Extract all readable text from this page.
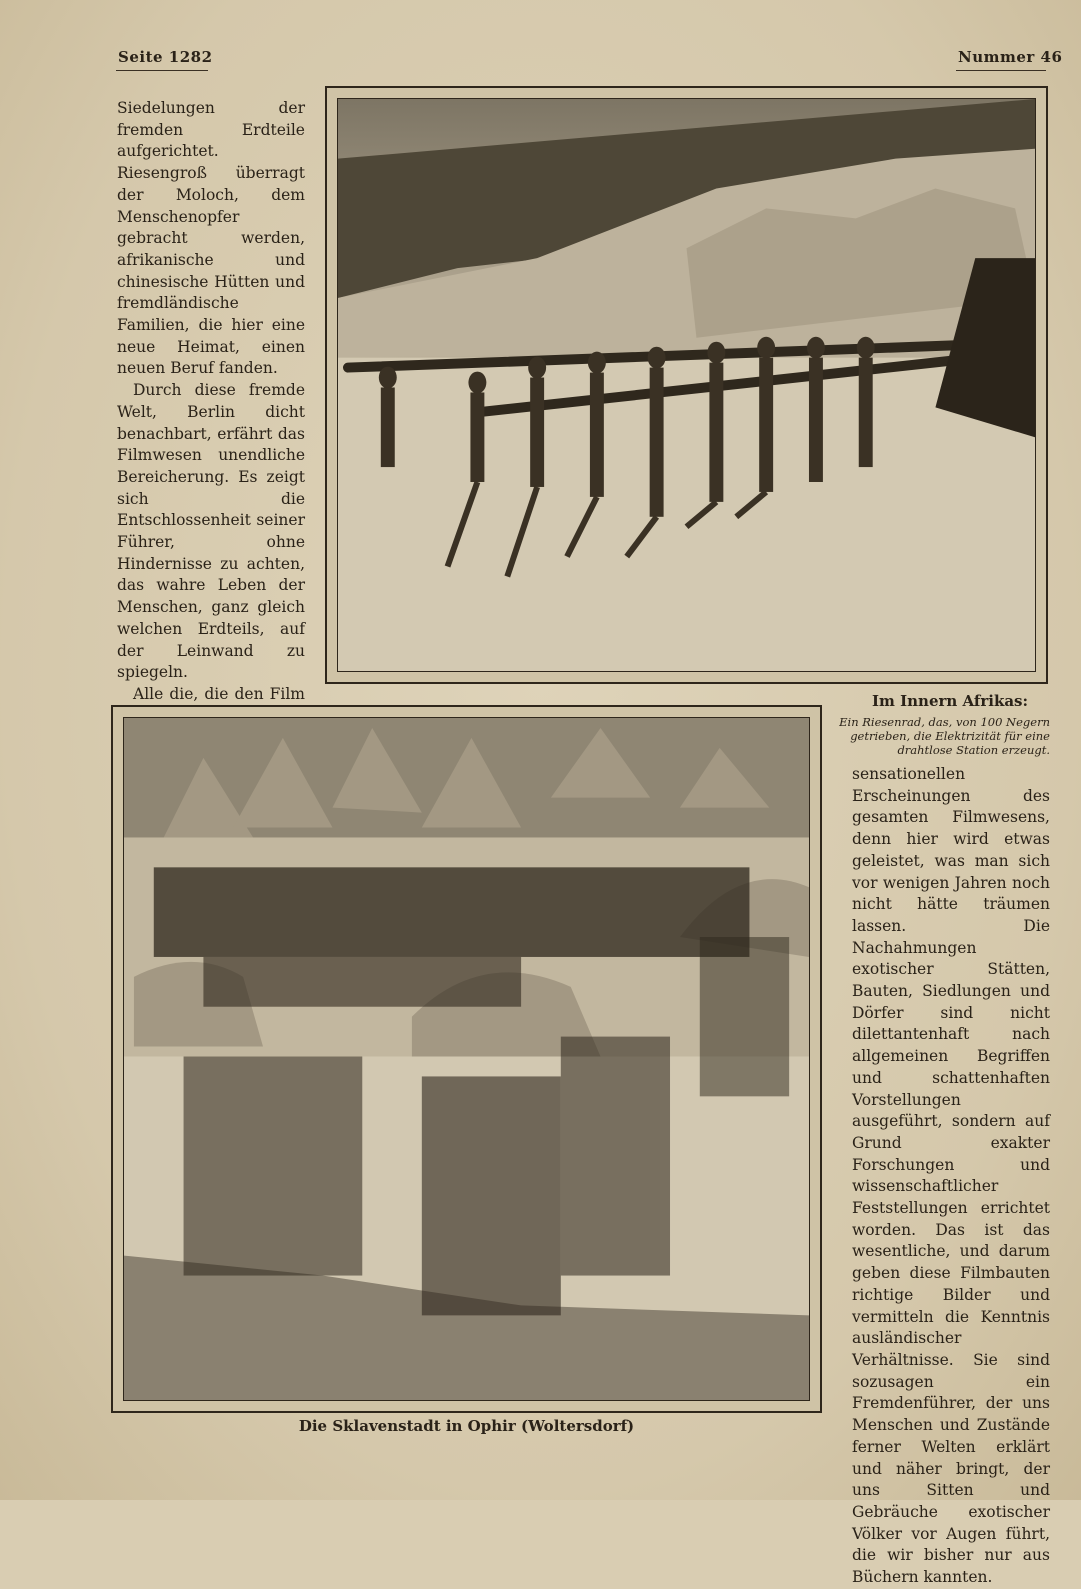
Seite 1282	Nummer 46

Siedelungen der fremden Erdteile aufgerichtet. Riesengroß überragt der Moloch, dem Menschenopfer gebracht werden, afrikanische und chinesische Hütten und fremdländische Familien, die hier eine neue Heimat, einen neuen Beruf fanden.

Durch diese fremde Welt, Berlin dicht benachbart, erfährt das Filmwesen unendliche Bereicherung. Es zeigt sich die Entschlossenheit seiner Führer, ohne Hindernisse zu achten, das wahre Leben der Menschen, ganz gleich welchen Erdteils, auf der Leinwand zu spiegeln.

Alle die, die den Film	Im Innern Afrikas:
Ein Riesenrad, das, von 100 Negern getrieben, die Elektrizität für eine drahtlose Station erzeugt.
Die Sklavenstadt in Ophir (Woltersdorf)

sensationellen Erscheinungen des gesamten Filmwesens, denn hier wird etwas geleistet, was man sich vor wenigen Jahren noch nicht hätte träumen lassen. Die Nachahmungen exotischer Stätten, Bauten, Siedlungen und Dörfer sind nicht dilettantenhaft nach allgemeinen Begriffen und schattenhaften Vorstellungen ausgeführt, sondern auf Grund exakter Forschungen und wissenschaftlicher Feststellungen errichtet worden. Das ist das wesentliche, und darum geben diese Filmbauten richtige Bilder und vermitteln die Kenntnis ausländischer Verhältnisse. Sie sind sozusagen ein Fremdenführer, der uns Menschen und Zustände ferner Welten erklärt und näher bringt, der uns Sitten und Gebräuche exotischer Völker vor Augen führt, die wir bisher nur aus Büchern kannten.
